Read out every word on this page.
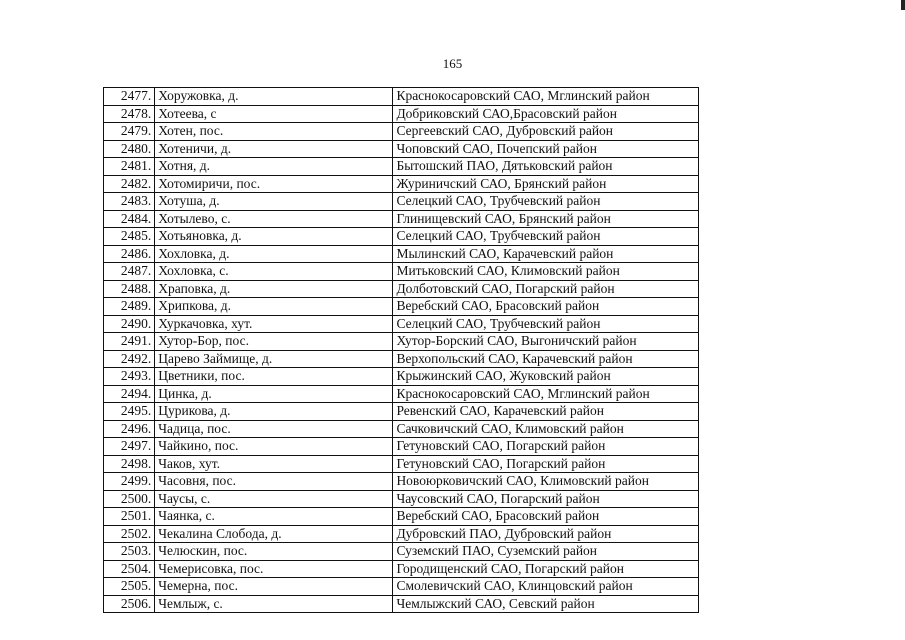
165
2477.	Хоружовка, д.	Краснокосаровский САО, Мглинский район
2478.	Хотеева, с	Добриковский САО,Брасовский район
2479.	Хотен, пос.	Сергеевский САО, Дубровский район
2480.	Хотеничи, д.	Чоповский САО, Почепский район
2481.	Хотня, д.	Бытошский ПАО, Дятьковский район
2482.	Хотомиричи, пос.	Журиничский САО, Брянский район
2483.	Хотуша, д.	Селецкий САО, Трубчевский район
2484.	Хотылево, с.	Глинищевский САО, Брянский район
2485.	Хотьяновка, д.	Селецкий САО, Трубчевский район
2486.	Хохловка, д.	Мылинский САО, Карачевский район
2487.	Хохловка, с.	Митьковский САО, Климовский район
2488.	Храповка, д.	Долботовский САО, Погарский район
2489.	Хрипкова, д.	Веребский САО, Брасовский район
2490.	Хуркачовка, хут.	Селецкий САО, Трубчевский район
2491.	Хутор-Бор, пос.	Хутор-Борский САО, Выгоничский район
2492.	Царево Займище, д.	Верхопольский САО, Карачевский район
2493.	Цветники, пос.	Крыжинский САО, Жуковский район
2494.	Цинка, д.	Краснокосаровский САО, Мглинский район
2495.	Цурикова, д.	Ревенский САО, Карачевский район
2496.	Чадица, пос.	Сачковичский САО, Климовский район
2497.	Чайкино, пос.	Гетуновский САО, Погарский район
2498.	Чаков, хут.	Гетуновский САО, Погарский район
2499.	Часовня, пос.	Новоюрковичский САО, Климовский район
2500.	Чаусы, с.	Чаусовский САО, Погарский район
2501.	Чаянка, с.	Веребский САО, Брасовский район
2502.	Чекалина Слобода, д.	Дубровский ПАО, Дубровский район
2503.	Челюскин, пос.	Суземский ПАО, Суземский район
2504.	Чемерисовка, пос.	Городищенский САО, Погарский район
2505.	Чемерна, пос.	Смолевичский САО, Клинцовский район
2506.	Чемлыж, с.	Чемлыжский САО, Севский район
